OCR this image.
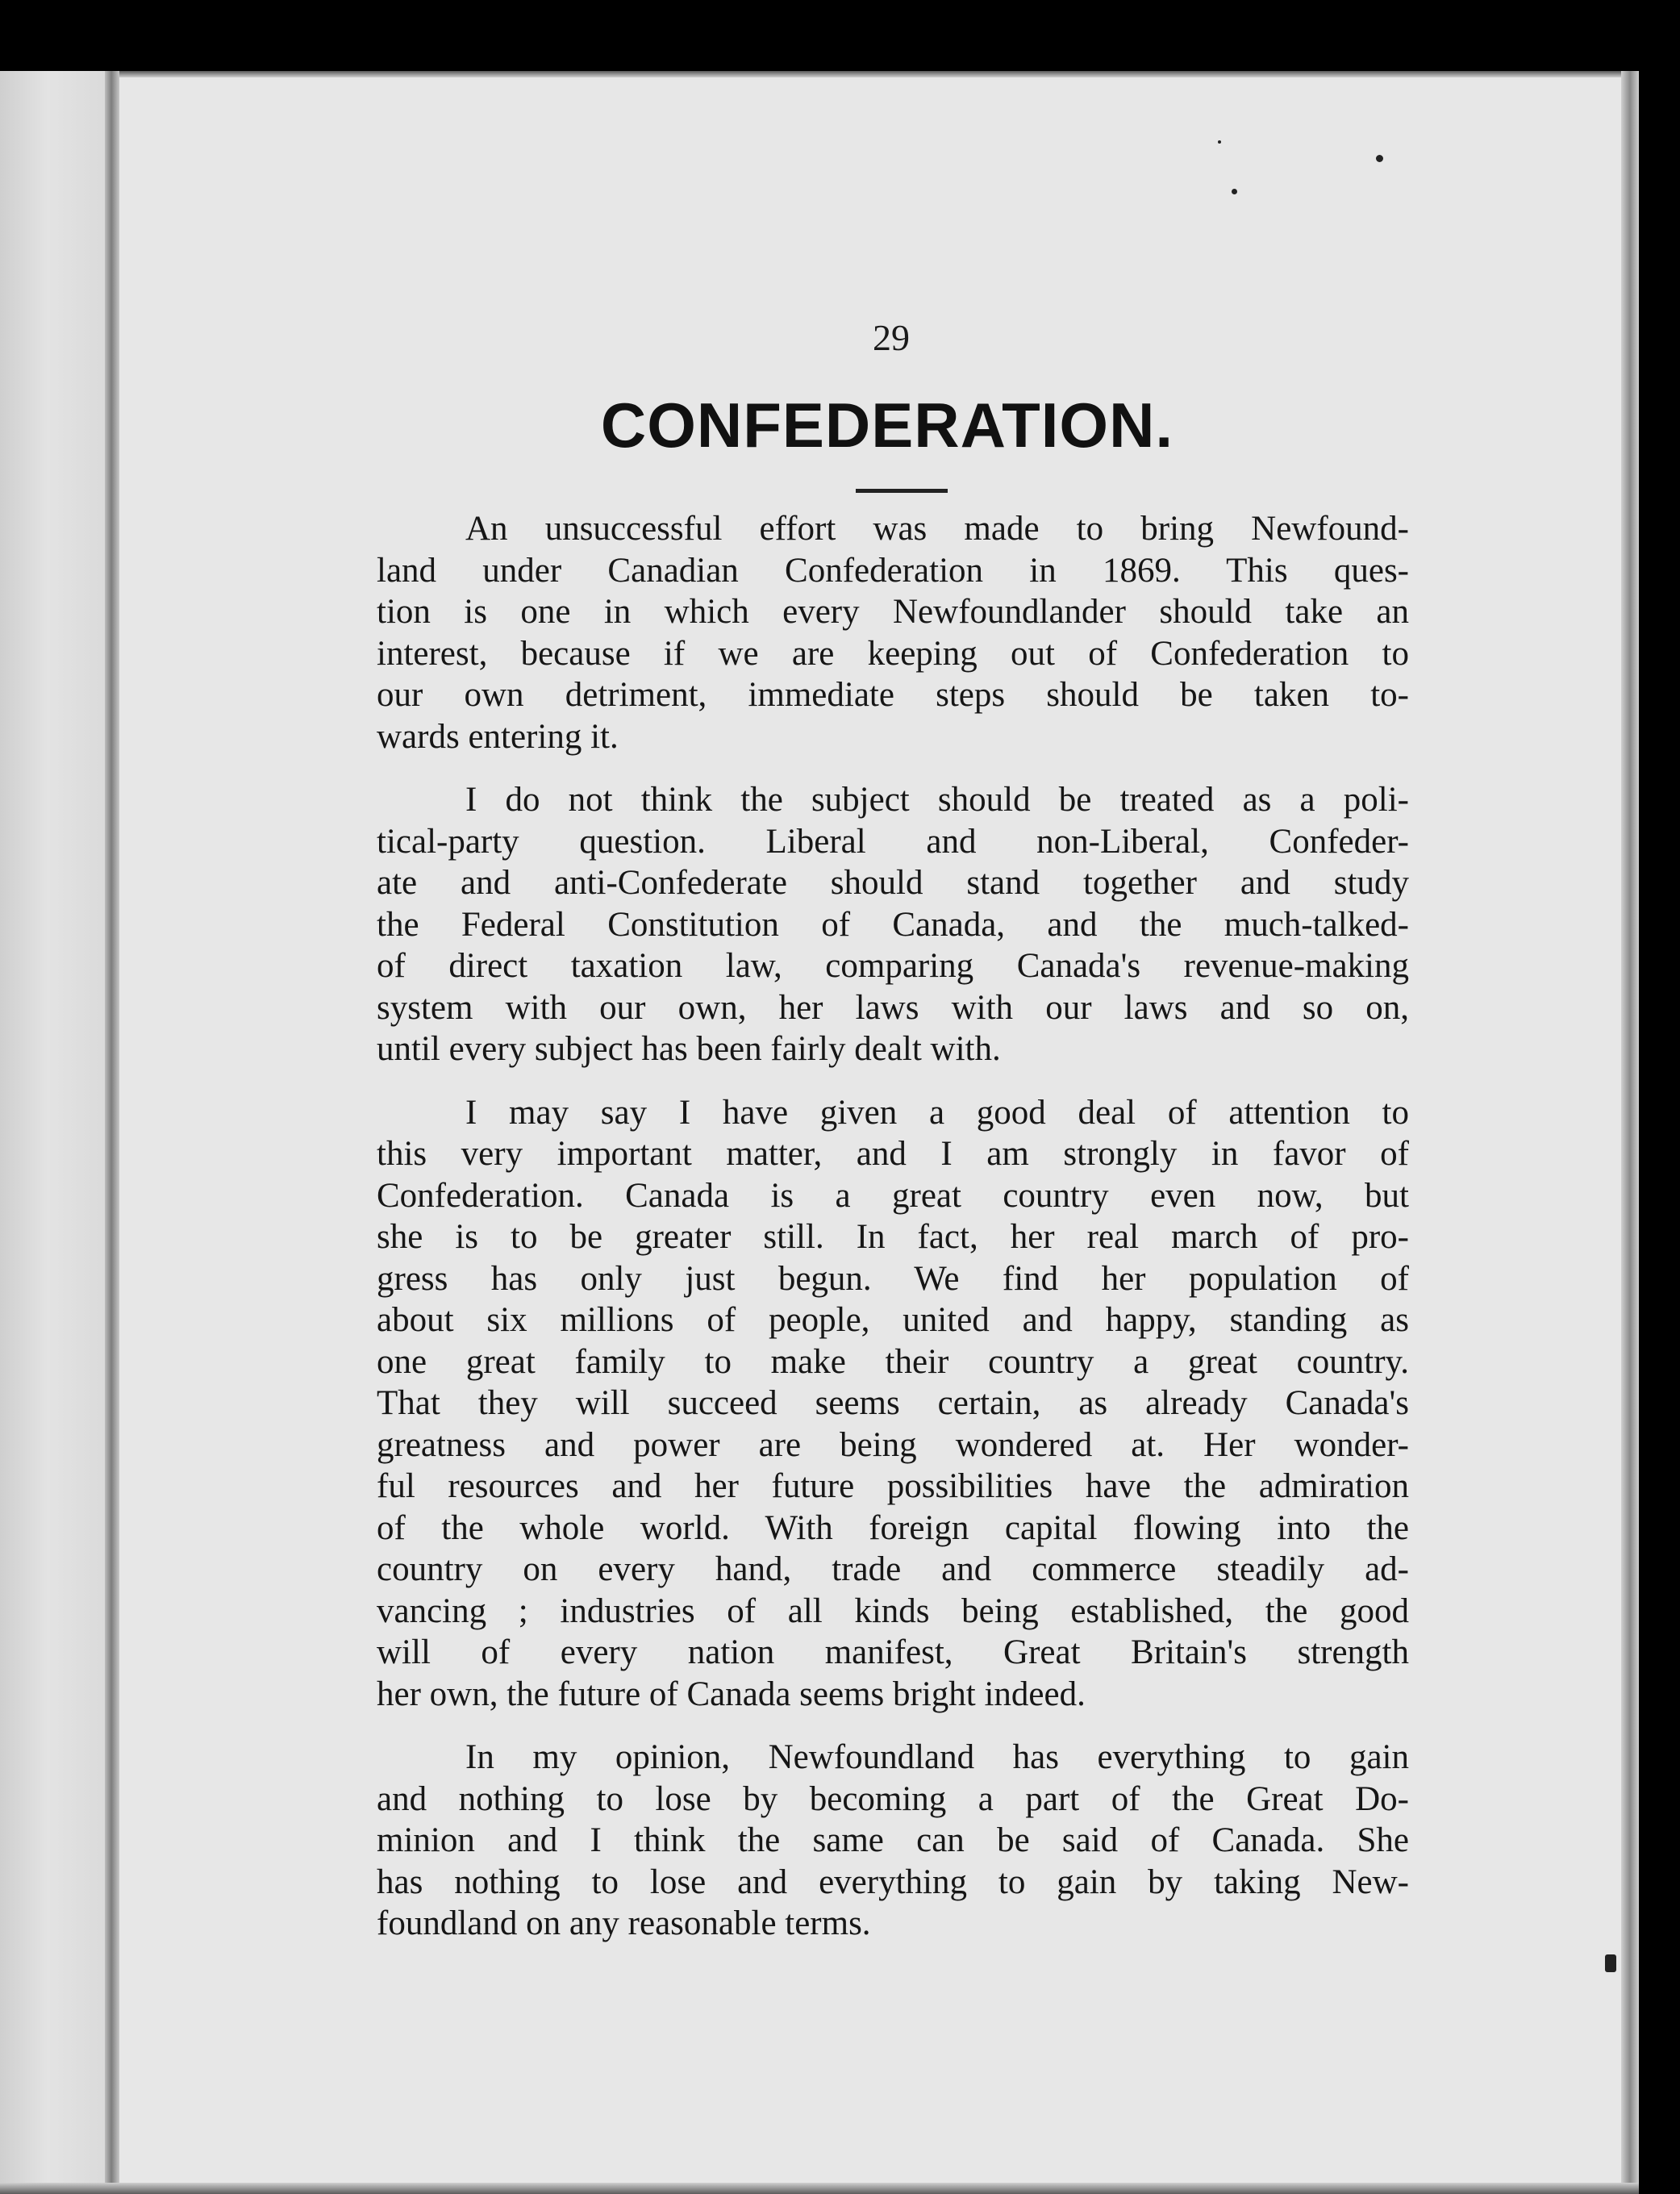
29
CONFEDERATION.

An unsuccessful effort was made to bring Newfound-
land under Canadian Confederation in 1869. This ques-
tion is one in which every Newfoundlander should take an
interest, because if we are keeping out of Confederation to
our own detriment, immediate steps should be taken to-
wards entering it.

I do not think the subject should be treated as a poli-
tical-party question. Liberal and non-Liberal, Confeder-
ate and anti-Confederate should stand together and study
the Federal Constitution of Canada, and the much-talked-
of direct taxation law, comparing Canada's revenue-making
system with our own, her laws with our laws and so on,
until every subject has been fairly dealt with.

I may say I have given a good deal of attention to
this very important matter, and I am strongly in favor of
Confederation. Canada is a great country even now, but
she is to be greater still. In fact, her real march of pro-
gress has only just begun. We find her population of
about six millions of people, united and happy, standing as
one great family to make their country a great country.
That they will succeed seems certain, as already Canada's
greatness and power are being wondered at. Her wonder-
ful resources and her future possibilities have the admiration
of the whole world. With foreign capital flowing into the
country on every hand, trade and commerce steadily ad-
vancing ; industries of all kinds being established, the good
will of every nation manifest, Great Britain's strength
her own, the future of Canada seems bright indeed.

In my opinion, Newfoundland has everything to gain
and nothing to lose by becoming a part of the Great Do-
minion and I think the same can be said of Canada. She
has nothing to lose and everything to gain by taking New-
foundland on any reasonable terms.
